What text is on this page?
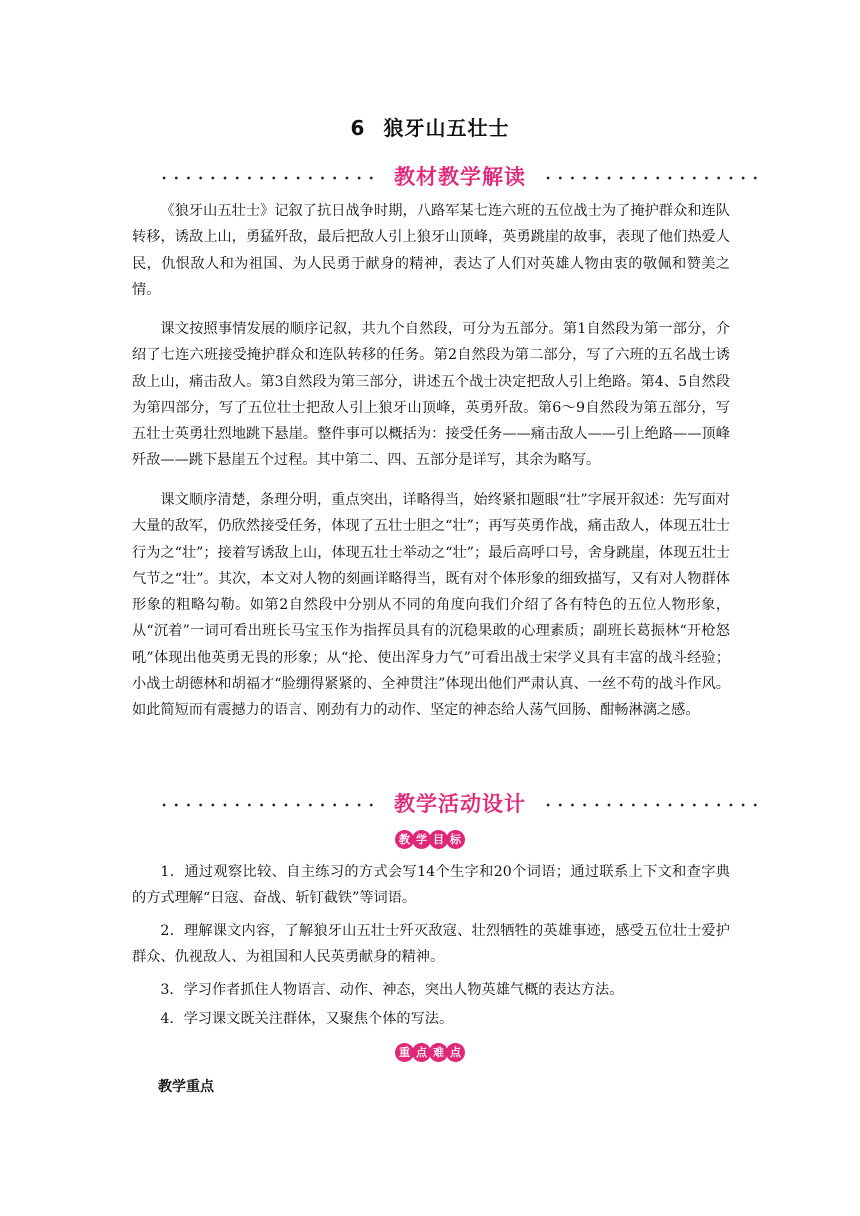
6 狼牙山五壮士
教材教学解读

《狼牙山五壮士》记叙了抗日战争时期，八路军某七连六班的五位战士为了掩护群众和连队转移，诱敌上山，勇猛歼敌，最后把敌人引上狼牙山顶峰，英勇跳崖的故事，表现了他们热爱人民，仇恨敌人和为祖国、为人民勇于献身的精神，表达了人们对英雄人物由衷的敬佩和赞美之情。

课文按照事情发展的顺序记叙，共九个自然段，可分为五部分。第1自然段为第一部分，介绍了七连六班接受掩护群众和连队转移的任务。第2自然段为第二部分，写了六班的五名战士诱敌上山，痛击敌人。第3自然段为第三部分，讲述五个战士决定把敌人引上绝路。第4、5自然段为第四部分，写了五位壮士把敌人引上狼牙山顶峰，英勇歼敌。第6～9自然段为第五部分，写五壮士英勇壮烈地跳下悬崖。整件事可以概括为：接受任务——痛击敌人——引上绝路——顶峰歼敌——跳下悬崖五个过程。其中第二、四、五部分是详写，其余为略写。

课文顺序清楚，条理分明，重点突出，详略得当，始终紧扣题眼“壮”字展开叙述：先写面对大量的敌军，仍欣然接受任务，体现了五壮士胆之“壮”；再写英勇作战，痛击敌人，体现五壮士行为之“壮”；接着写诱敌上山，体现五壮士举动之“壮”；最后高呼口号，舍身跳崖，体现五壮士气节之“壮”。其次，本文对人物的刻画详略得当，既有对个体形象的细致描写，又有对人物群体形象的粗略勾勒。如第2自然段中分别从不同的角度向我们介绍了各有特色的五位人物形象，从“沉着”一词可看出班长马宝玉作为指挥员具有的沉稳果敢的心理素质；副班长葛振林“开枪怒吼”体现出他英勇无畏的形象；从“抡、使出浑身力气”可看出战士宋学义具有丰富的战斗经验；小战士胡德林和胡福才“脸绷得紧紧的、全神贯注”体现出他们严肃认真、一丝不苟的战斗作风。如此简短而有震撼力的语言、刚劲有力的动作、坚定的神态给人荡气回肠、酣畅淋漓之感。

教学活动设计
教 学 目 标

1．通过观察比较、自主练习的方式会写14个生字和20个词语；通过联系上下文和查字典的方式理解“日寇、奋战、斩钉截铁”等词语。

2．理解课文内容，了解狼牙山五壮士歼灭敌寇、壮烈牺牲的英雄事迹，感受五位壮士爱护群众、仇视敌人、为祖国和人民英勇献身的精神。

3．学习作者抓住人物语言、动作、神态，突出人物英雄气概的表达方法。

4．学习课文既关注群体，又聚焦个体的写法。

重 点 难 点
教学重点
